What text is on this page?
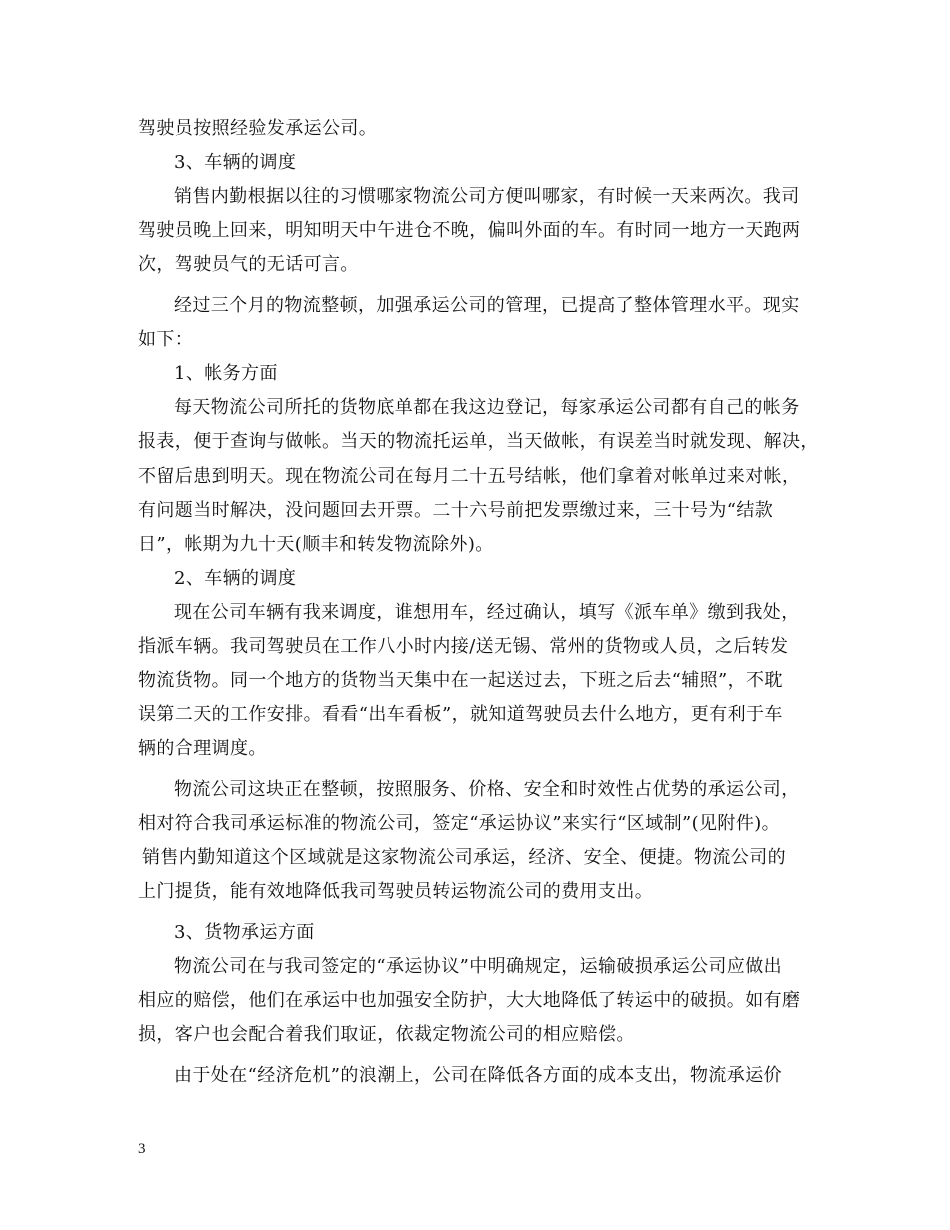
驾驶员按照经验发承运公司。

3、车辆的调度

销售内勤根据以往的习惯哪家物流公司方便叫哪家，有时候一天来两次。我司

驾驶员晚上回来，明知明天中午进仓不晚，偏叫外面的车。有时同一地方一天跑两

次，驾驶员气的无话可言。

经过三个月的物流整顿，加强承运公司的管理，已提高了整体管理水平。现实

如下：

1、帐务方面

每天物流公司所托的货物底单都在我这边登记，每家承运公司都有自己的帐务

报表，便于查询与做帐。当天的物流托运单，当天做帐，有误差当时就发现、解决，

不留后患到明天。现在物流公司在每月二十五号结帐，他们拿着对帐单过来对帐，

有问题当时解决，没问题回去开票。二十六号前把发票缴过来，三十号为“结款

日”，帐期为九十天(顺丰和转发物流除外)。

2、车辆的调度

现在公司车辆有我来调度，谁想用车，经过确认，填写《派车单》缴到我处，

指派车辆。我司驾驶员在工作八小时内接/送无锡、常州的货物或人员，之后转发

物流货物。同一个地方的货物当天集中在一起送过去，下班之后去“辅照”，不耽

误第二天的工作安排。看看“出车看板”，就知道驾驶员去什么地方，更有利于车

辆的合理调度。

物流公司这块正在整顿，按照服务、价格、安全和时效性占优势的承运公司，

相对符合我司承运标准的物流公司，签定“承运协议”来实行“区域制”(见附件)。

销售内勤知道这个区域就是这家物流公司承运，经济、安全、便捷。物流公司的

上门提货，能有效地降低我司驾驶员转运物流公司的费用支出。

3、货物承运方面

物流公司在与我司签定的“承运协议”中明确规定，运输破损承运公司应做出

相应的赔偿，他们在承运中也加强安全防护，大大地降低了转运中的破损。如有磨

损，客户也会配合着我们取证，依裁定物流公司的相应赔偿。

由于处在“经济危机”的浪潮上，公司在降低各方面的成本支出，物流承运价

3
